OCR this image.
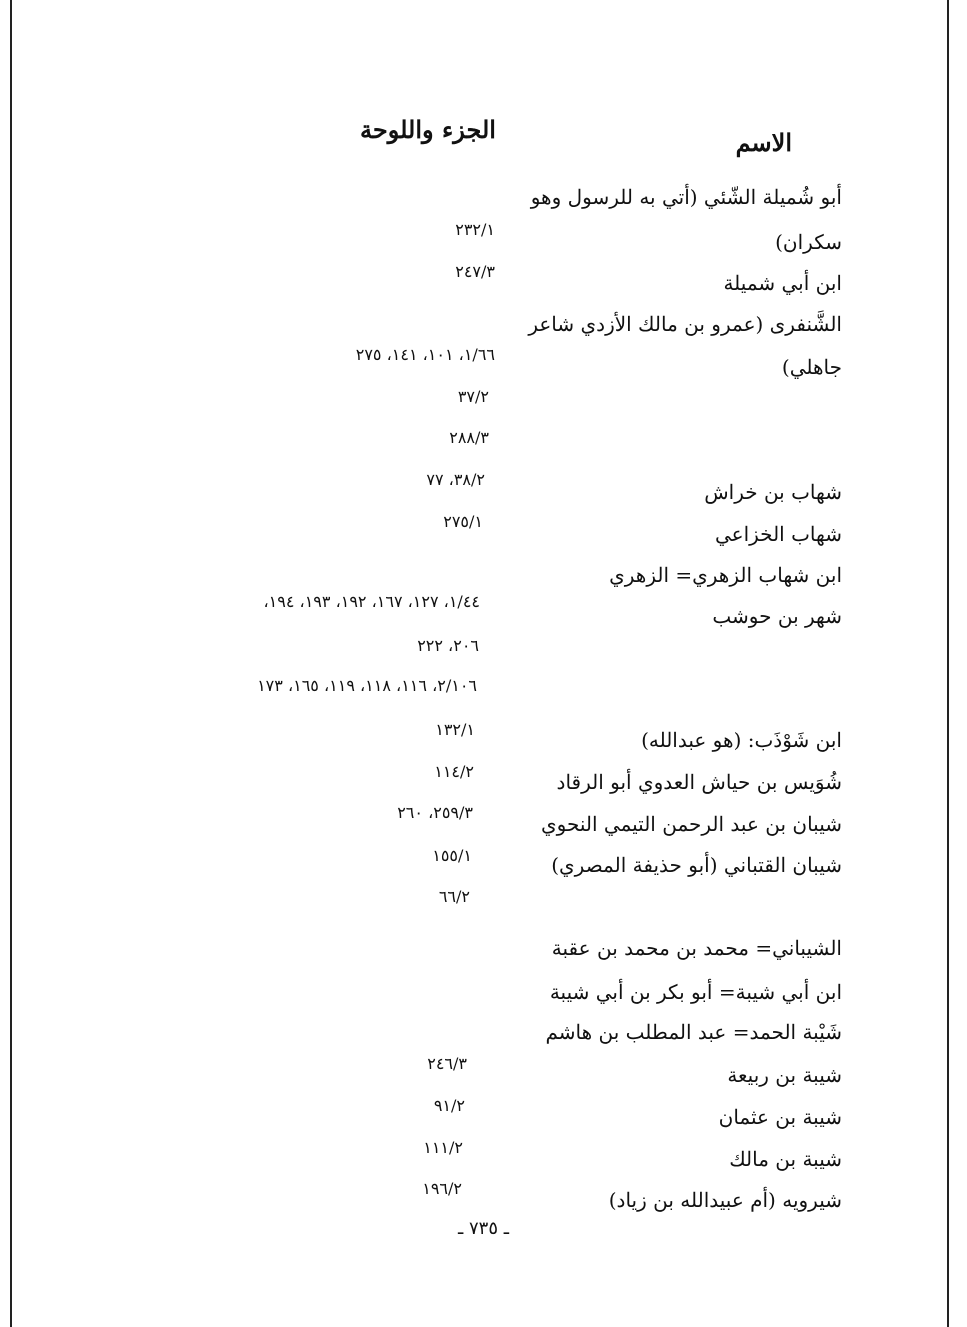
الاسم
الجزء واللوحة
أبو شُميلة الشّئي (أتي به للرسول وهو
سكران)
ابن أبي شميلة
الشَّنفرى (عمرو بن مالك الأزدي شاعر
جاهلي)
شهاب بن خراش
شهاب الخزاعي
ابن شهاب الزهري= الزهري
شهر بن حوشب
ابن شَوْذَب: (هو عبدالله)
شُوَيس بن حياش العدوي أبو الرقاد
شيبان بن عبد الرحمن التيمي النحوي
شيبان القتباني (أبو حذيفة المصري)
الشيباني= محمد بن محمد بن عقبة
ابن أبي شيبة= أبو بكر بن أبي شيبة
شَيْبة الحمد= عبد المطلب بن هاشم
شيبة بن ربيعة
شيبة بن عثمان
شيبة بن مالك
شيرويه (أم عبيدالله بن زياد)
٢٣٢/١
٢٤٧/٣
١/٦٦، ١٠١، ١٤١، ٢٧٥
٣٧/٢
٢٨٨/٣
٣٨/٢، ٧٧
٢٧٥/١
١/٤٤، ١٢٧، ١٦٧، ١٩٢، ١٩٣، ١٩٤،
٢٠٦، ٢٢٢
٢/١٠٦، ١١٦، ١١٨، ١١٩، ١٦٥، ١٧٣
١٣٢/١
١١٤/٢
٢٥٩/٣، ٢٦٠
١٥٥/١
٦٦/٢
٢٤٦/٣
٩١/٢
١١١/٢
١٩٦/٢
ـ ٧٣٥ ـ
